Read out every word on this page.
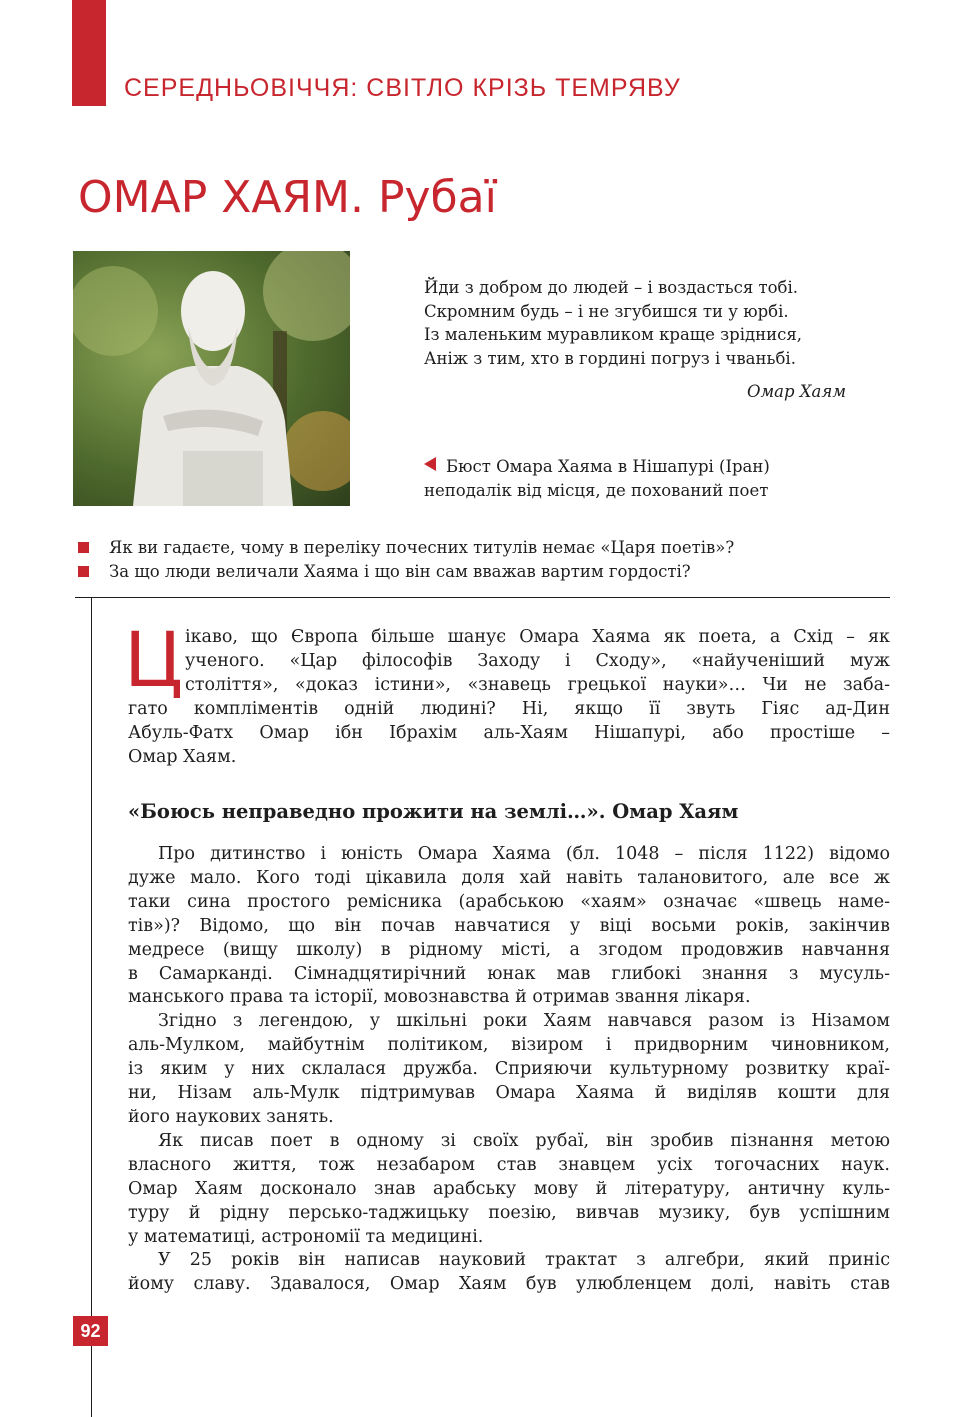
СЕРЕДНЬОВІЧЧЯ: СВІТЛО КРІЗЬ ТЕМРЯВУ
ОМАР ХАЯМ. Рубаї
Йди з добром до людей – і воздасться тобі.
Скромним будь – і не згубишся ти у юрбі.
Із маленьким муравликом краще зріднися,
Аніж з тим, хто в гордині погруз і чваньбі.
Омар Хаям
Бюст Омара Хаяма в Нішапурі (Іран)
неподалік від місця, де похований поет
Як ви гадаєте, чому в переліку почесних титулів немає «Царя поетів»?
За що люди величали Хаяма і що він сам вважав вартим гордості?
Ц ікаво, що Європа більше шанує Омара Хаяма як поета, а Схід – як
ученого. «Цар філософів Заходу і Сходу», «найученіший муж
століття», «доказ істини», «знавець грецької науки»… Чи не заба-
гато компліментів одній людині? Ні, якщо її звуть Гіяс ад-Дин
Абуль-Фатх Омар ібн Ібрахім аль-Хаям Нішапурі, або простіше –
Омар Хаям.
«Боюсь неправедно прожити на землі…». Омар Хаям
Про дитинство і юність Омара Хаяма (бл. 1048 – після 1122) відомо
дуже мало. Кого тоді цікавила доля хай навіть талановитого, але все ж
таки сина простого ремісника (арабською «хаям» означає «швець наме-
тів»)? Відомо, що він почав навчатися у віці восьми років, закінчив
медресе (вищу школу) в рідному місті, а згодом продовжив навчання
в Самарканді. Сімнадцятирічний юнак мав глибокі знання з мусуль-
манського права та історії, мовознавства й отримав звання лікаря.
Згідно з легендою, у шкільні роки Хаям навчався разом із Нізамом
аль-Мулком, майбутнім політиком, візиром і придворним чиновником,
із яким у них склалася дружба. Сприяючи культурному розвитку краї-
ни, Нізам аль-Мулк підтримував Омара Хаяма й виділяв кошти для
його наукових занять.
Як писав поет в одному зі своїх рубаї, він зробив пізнання метою
власного життя, тож незабаром став знавцем усіх тогочасних наук.
Омар Хаям досконало знав арабську мову й літературу, античну куль-
туру й рідну персько-таджицьку поезію, вивчав музику, був успішним
у математиці, астрономії та медицині.
У 25 років він написав науковий трактат з алгебри, який приніс
йому славу. Здавалося, Омар Хаям був улюбленцем долі, навіть став
92
